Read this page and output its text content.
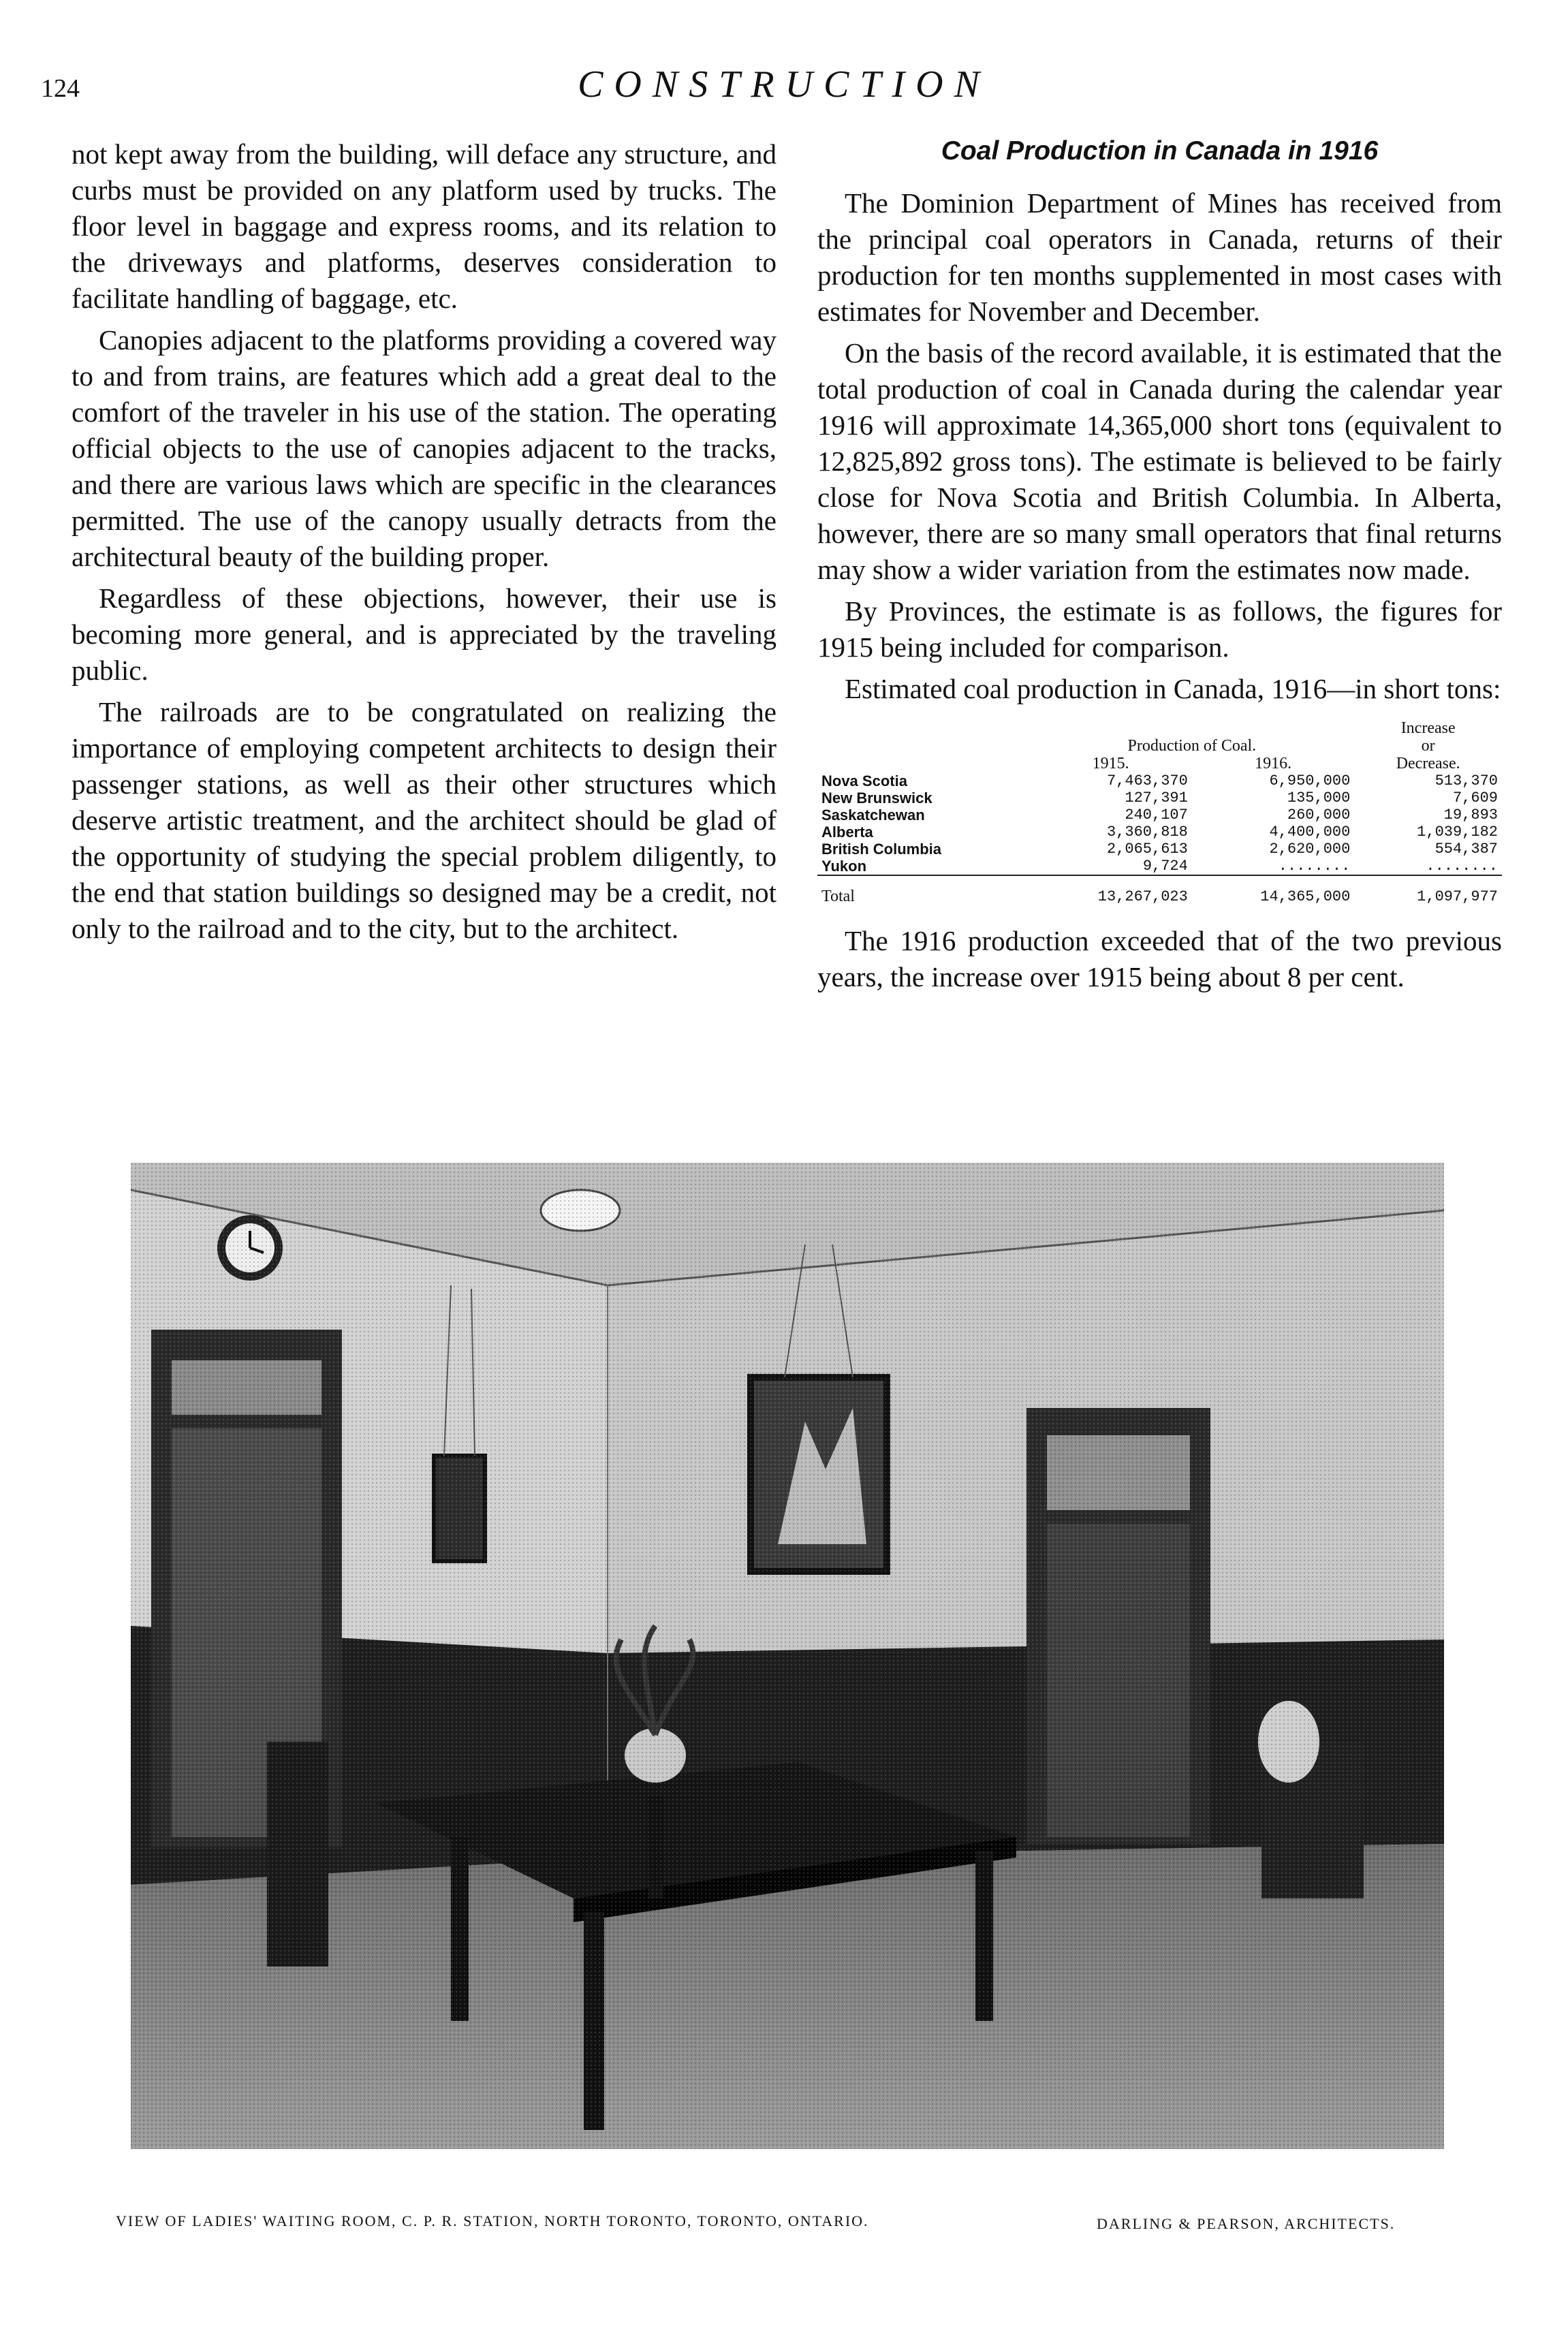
124	CONSTRUCTION

not kept away from the building, will deface any structure, and curbs must be provided on any platform used by trucks. The floor level in baggage and express rooms, and its relation to the driveways and platforms, deserves consideration to facilitate handling of baggage, etc.

Canopies adjacent to the platforms providing a covered way to and from trains, are features which add a great deal to the comfort of the traveler in his use of the station. The operating official objects to the use of canopies adjacent to the tracks, and there are various laws which are specific in the clearances permitted. The use of the canopy usually detracts from the architectural beauty of the building proper.

Regardless of these objections, however, their use is becoming more general, and is appreciated by the traveling public.

The railroads are to be congratulated on realizing the importance of employing competent architects to design their passenger stations, as well as their other structures which deserve artistic treatment, and the architect should be glad of the opportunity of studying the special problem diligently, to the end that station buildings so designed may be a credit, not only to the railroad and to the city, but to the architect.

Coal Production in Canada in 1916

The Dominion Department of Mines has received from the principal coal operators in Canada, returns of their production for ten months supplemented in most cases with estimates for November and December.

On the basis of the record available, it is estimated that the total production of coal in Canada during the calendar year 1916 will approximate 14,365,000 short tons (equivalent to 12,825,892 gross tons). The estimate is believed to be fairly close for Nova Scotia and British Columbia. In Alberta, however, there are so many small operators that final returns may show a wider variation from the estimates now made.

By Provinces, the estimate is as follows, the figures for 1915 being included for comparison.

Estimated coal production in Canada, 1916—in short tons:

	Production of Coal.		Increase
or

	1915.	1916.	Decrease.
Nova Scotia	7,463,370	6,950,000	513,370
New Brunswick	127,391	135,000	7,609
Saskatchewan	240,107	260,000	19,893
Alberta	3,360,818	4,400,000	1,039,182
British Columbia	2,065,613	2,620,000	554,387
Yukon	9,724	........	........
Total	13,267,023	14,365,000	1,097,977

The 1916 production exceeded that of the two previous years, the increase over 1915 being about 8 per cent.

VIEW OF LADIES' WAITING ROOM, C. P. R. STATION, NORTH TORONTO, TORONTO, ONTARIO.	DARLING & PEARSON, ARCHITECTS.
